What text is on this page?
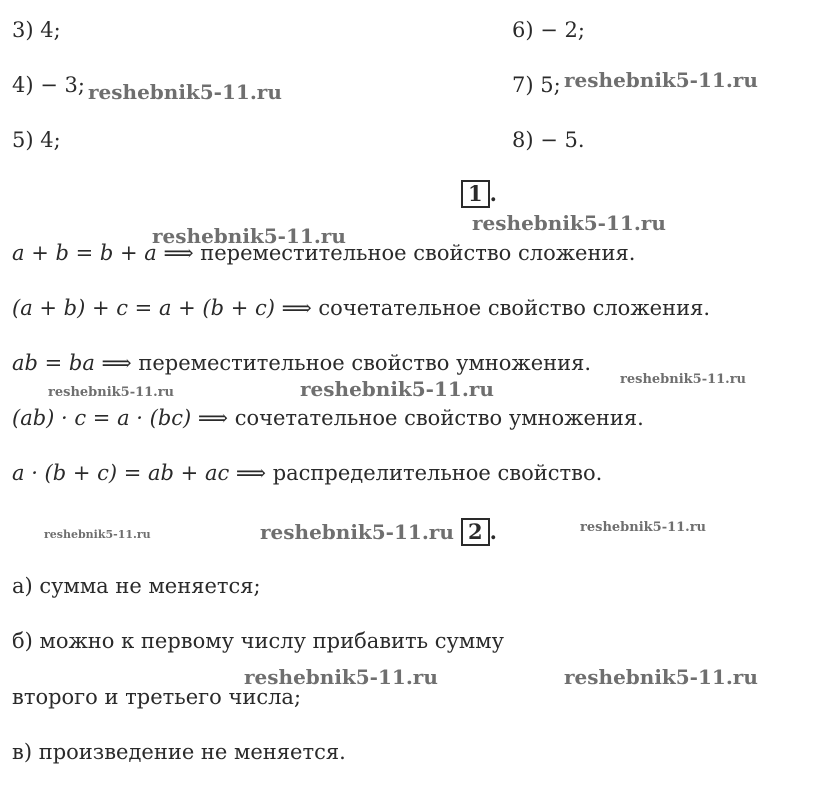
3) 4;
4) − 3;
5) 4;
6) − 2;
7) 5;
8) − 5.
1 .
a + b = b + a ⟹ переместительное свойство сложения.
(a + b) + c = a + (b + c) ⟹ сочетательное свойство сложения.
ab = ba ⟹ переместительное свойство умножения.
(ab) · c = a · (bc) ⟹ сочетательное свойство умножения.
a · (b + c) = ab + ac ⟹ распределительное свойство.
2 .
а) сумма не меняется;
б) можно к первому числу прибавить сумму
второго и третьего числа;
в) произведение не меняется.
reshebnik5-11.ru	reshebnik5-11.ru
reshebnik5-11.ru
reshebnik5-11.ru
reshebnik5-11.ru
reshebnik5-11.ru
reshebnik5-11.ru
reshebnik5-11.ru
reshebnik5-11.ru	reshebnik5-11.ru
reshebnik5-11.ru	reshebnik5-11.ru
